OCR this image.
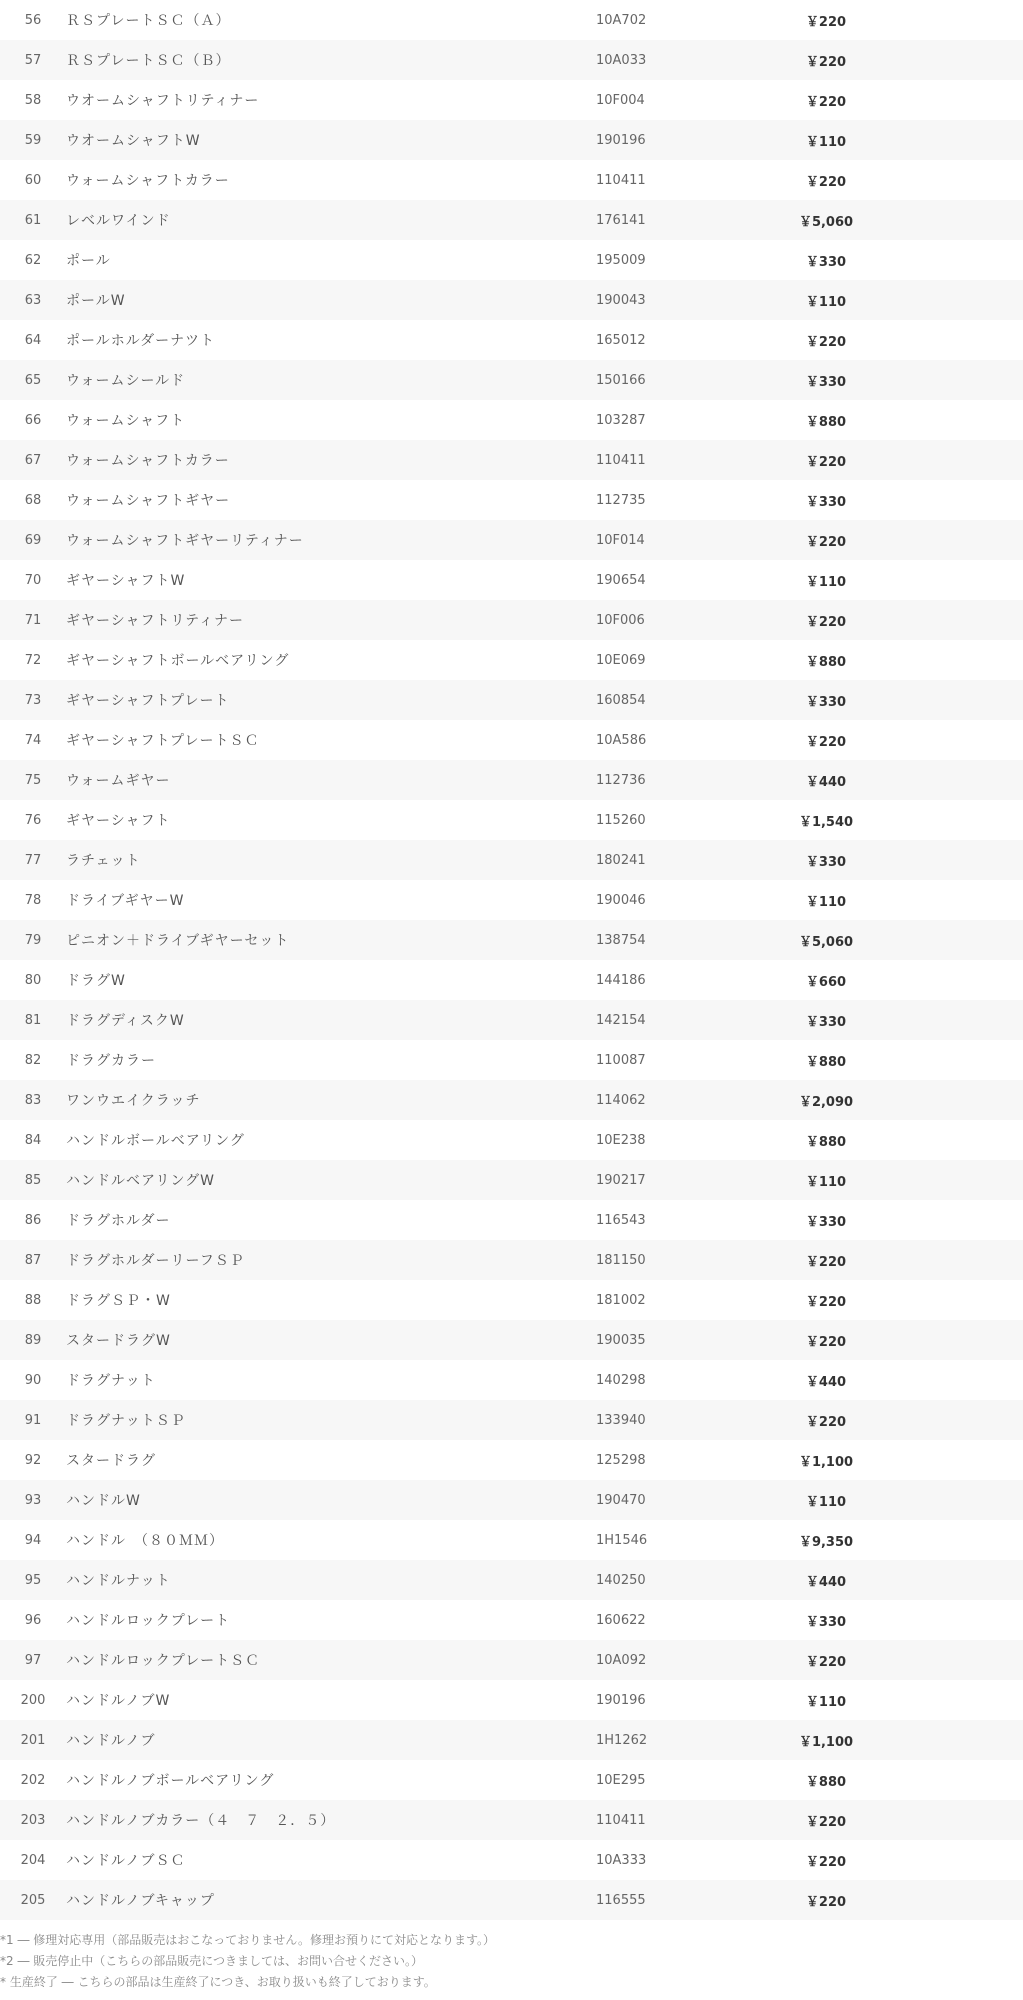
56	ＲＳプレートＳＣ（Ａ）	10A702	￥220	
57	ＲＳプレートＳＣ（Ｂ）	10A033	￥220	
58	ウオームシャフトリティナー	10F004	￥220	
59	ウオームシャフトW	190196	￥110	
60	ウォームシャフトカラー	110411	￥220	
61	レベルワインド	176141	￥5,060	
62	ポール	195009	￥330	
63	ポールW	190043	￥110	
64	ポールホルダーナツト	165012	￥220	
65	ウォームシールド	150166	￥330	
66	ウォームシャフト	103287	￥880	
67	ウォームシャフトカラー	110411	￥220	
68	ウォームシャフトギヤー	112735	￥330	
69	ウォームシャフトギヤーリティナー	10F014	￥220	
70	ギヤーシャフトW	190654	￥110	
71	ギヤーシャフトリティナー	10F006	￥220	
72	ギヤーシャフトボールベアリング	10E069	￥880	
73	ギヤーシャフトプレート	160854	￥330	
74	ギヤーシャフトプレートＳＣ	10A586	￥220	
75	ウォームギヤー	112736	￥440	
76	ギヤーシャフト	115260	￥1,540	
77	ラチェット	180241	￥330	
78	ドライブギヤーW	190046	￥110	
79	ピニオン＋ドライブギヤーセット	138754	￥5,060	
80	ドラグW	144186	￥660	
81	ドラグディスクW	142154	￥330	
82	ドラグカラー	110087	￥880	
83	ワンウエイクラッチ	114062	￥2,090	
84	ハンドルボールベアリング	10E238	￥880	
85	ハンドルベアリングW	190217	￥110	
86	ドラグホルダー	116543	￥330	
87	ドラグホルダーリーフＳＰ	181150	￥220	
88	ドラグＳＰ・W	181002	￥220	
89	スタードラグW	190035	￥220	
90	ドラグナット	140298	￥440	
91	ドラグナットＳＰ	133940	￥220	
92	スタードラグ	125298	￥1,100	
93	ハンドルW	190470	￥110	
94	ハンドル　（８０ＭＭ）	1H1546	￥9,350	
95	ハンドルナット	140250	￥440	
96	ハンドルロックプレート	160622	￥330	
97	ハンドルロックプレートＳＣ	10A092	￥220	
200	ハンドルノブW	190196	￥110	
201	ハンドルノブ	1H1262	￥1,100	
202	ハンドルノブボールベアリング	10E295	￥880	
203	ハンドルノブカラー（４　７　２．５）	110411	￥220	
204	ハンドルノブＳＣ	10A333	￥220	
205	ハンドルノブキャップ	116555	￥220	
*1 ― 修理対応専用（部品販売はおこなっておりません。修理お預りにて対応となります。）
*2 ― 販売停止中（こちらの部品販売につきましては、お問い合せください。）
* 生産終了 ― こちらの部品は生産終了につき、お取り扱いも終了しております。
